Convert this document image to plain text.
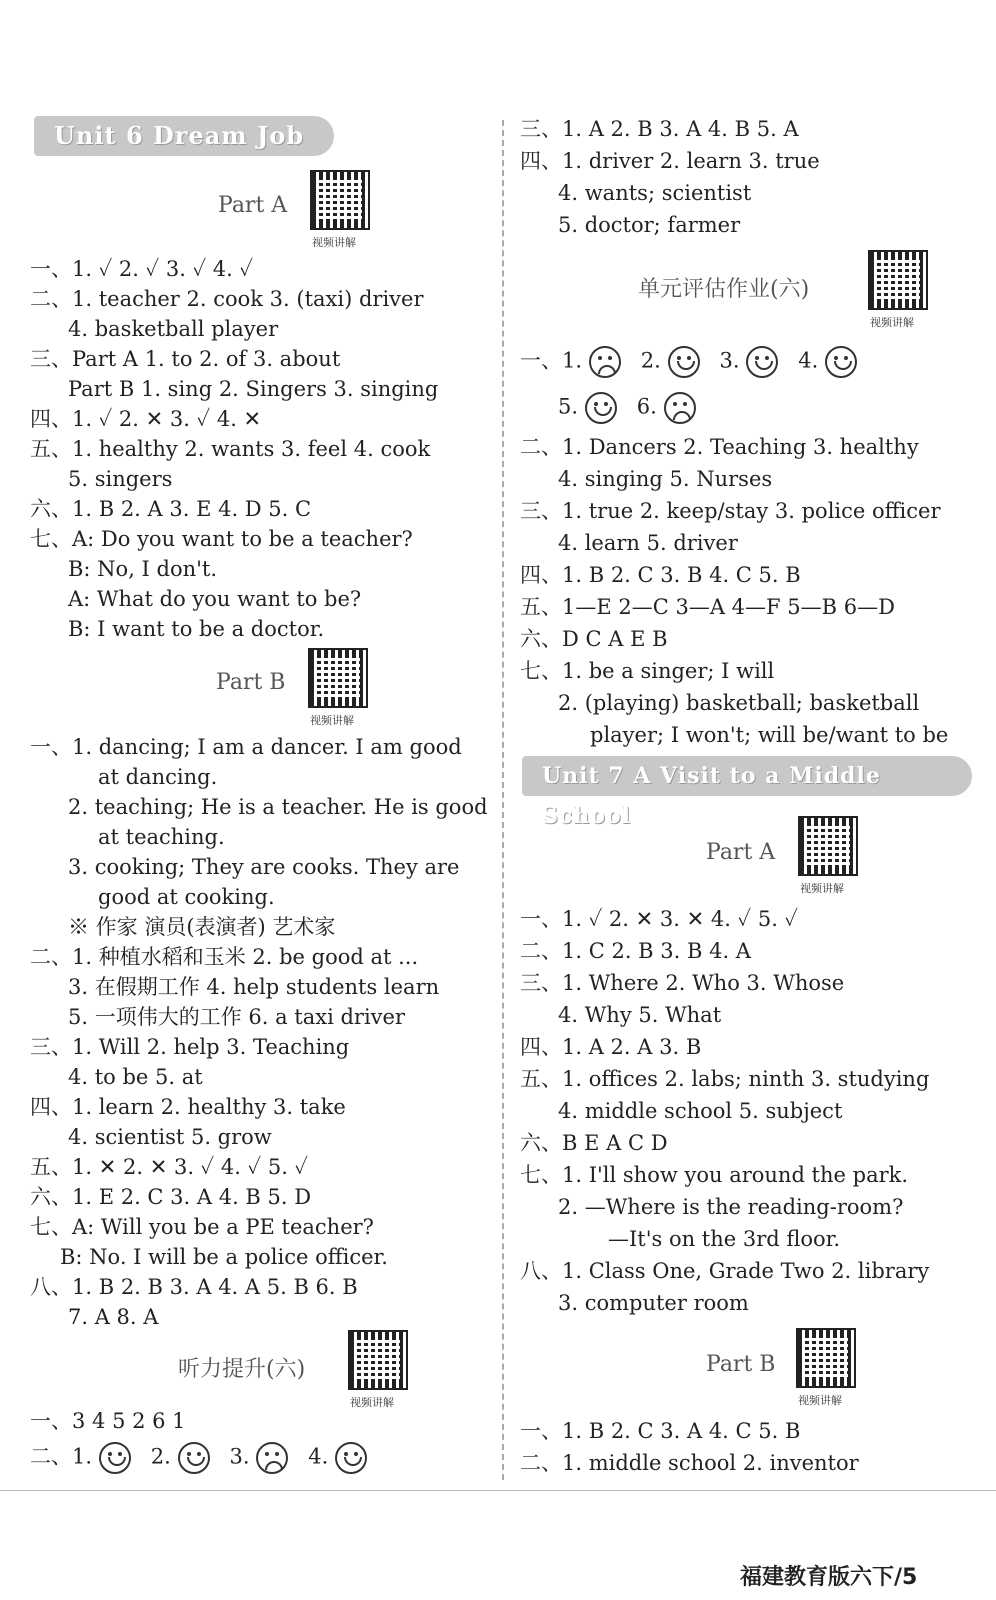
Unit 6 Dream Job
Part A
视频讲解
一、1. ✓ 2. ✓ 3. ✓ 4. ✓
二、1. teacher 2. cook 3. (taxi) driver
4. basketball player
三、Part A 1. to 2. of 3. about
Part B 1. sing 2. Singers 3. singing
四、1. ✓ 2. ✕ 3. ✓ 4. ✕
五、1. healthy 2. wants 3. feel 4. cook
5. singers
六、1. B 2. A 3. E 4. D 5. C
七、A: Do you want to be a teacher?
B: No, I don't.
A: What do you want to be?
B: I want to be a doctor.
Part B
视频讲解
一、1. dancing; I am a dancer. I am good
at dancing.
2. teaching; He is a teacher. He is good
at teaching.
3. cooking; They are cooks. They are
good at cooking.
※ 作家 演员(表演者) 艺术家
二、1. 种植水稻和玉米 2. be good at ...
3. 在假期工作 4. help students learn
5. 一项伟大的工作 6. a taxi driver
三、1. Will 2. help 3. Teaching
4. to be 5. at
四、1. learn 2. healthy 3. take
4. scientist 5. grow
五、1. ✕ 2. ✕ 3. ✓ 4. ✓ 5. ✓
六、1. E 2. C 3. A 4. B 5. D
七、A: Will you be a PE teacher?
B: No. I will be a police officer.
八、1. B 2. B 3. A 4. A 5. B 6. B
7. A 8. A
听力提升(六)
视频讲解
一、3 4 5 2 6 1
二、1.	2.	3.	4.
三、1. A 2. B 3. A 4. B 5. A
四、1. driver 2. learn 3. true
4. wants; scientist
5. doctor; farmer
单元评估作业(六)
视频讲解
一、1.	2.	3.	4.
5.	6.
二、1. Dancers 2. Teaching 3. healthy
4. singing 5. Nurses
三、1. true 2. keep/stay 3. police officer
4. learn 5. driver
四、1. B 2. C 3. B 4. C 5. B
五、1—E 2—C 3—A 4—F 5—B 6—D
六、D C A E B
七、1. be a singer; I will
2. (playing) basketball; basketball
player; I won't; will be/want to be
Unit 7 A Visit to a Middle School
Part A
视频讲解
一、1. ✓ 2. ✕ 3. ✕ 4. ✓ 5. ✓
二、1. C 2. B 3. B 4. A
三、1. Where 2. Who 3. Whose
4. Why 5. What
四、1. A 2. A 3. B
五、1. offices 2. labs; ninth 3. studying
4. middle school 5. subject
六、B E A C D
七、1. I'll show you around the park.
2. —Where is the reading-room?
—It's on the 3rd floor.
八、1. Class One, Grade Two 2. library
3. computer room
Part B
视频讲解
一、1. B 2. C 3. A 4. C 5. B
二、1. middle school 2. inventor
福建教育版六下/5
